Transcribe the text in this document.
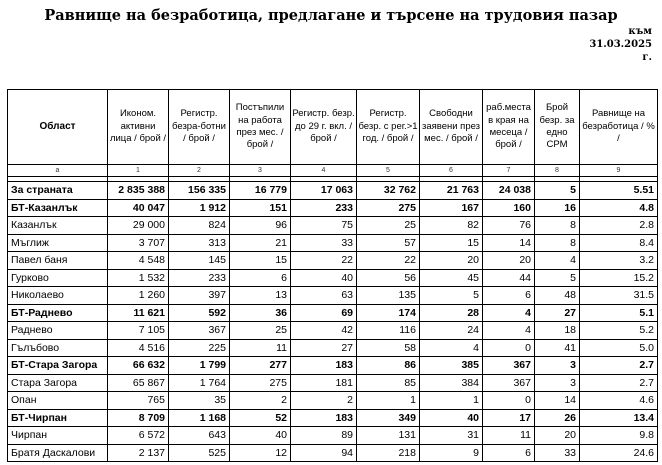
Равнище на безработица, предлагане и търсене на трудовия пазар
към
31.03.2025
г.
Област	Иконом. активни лица / брой /	Регистр. безра-ботни / брой /	Постъпили на работа през мес. / брой /	Регистр. безр. до 29 г. вкл. / брой /	Регистр. безр. с рег.>1 год. / брой /	Свободни заявени през мес. / брой /	раб.места в края на месеца / брой /	Брой безр. за едно СРМ	Равнище на безработица / % /
а	1	2	3	4	5	6	7	8	9

За страната	2 835 388	156 335	16 779	17 063	32 762	21 763	24 038	5	5.51
БТ-Казанлък	40 047	1 912	151	233	275	167	160	16	4.8
Казанлък	29 000	824	96	75	25	82	76	8	2.8
Мъглиж	3 707	313	21	33	57	15	14	8	8.4
Павел баня	4 548	145	15	22	22	20	20	4	3.2
Гурково	1 532	233	6	40	56	45	44	5	15.2
Николаево	1 260	397	13	63	135	5	6	48	31.5
БТ-Раднево	11 621	592	36	69	174	28	4	27	5.1
Раднево	7 105	367	25	42	116	24	4	18	5.2
Гълъбово	4 516	225	11	27	58	4	0	41	5.0
БТ-Стара Загора	66 632	1 799	277	183	86	385	367	3	2.7
Стара Загора	65 867	1 764	275	181	85	384	367	3	2.7
Опан	765	35	2	2	1	1	0	14	4.6
БТ-Чирпан	8 709	1 168	52	183	349	40	17	26	13.4
Чирпан	6 572	643	40	89	131	31	11	20	9.8
Братя Даскалови	2 137	525	12	94	218	9	6	33	24.6
